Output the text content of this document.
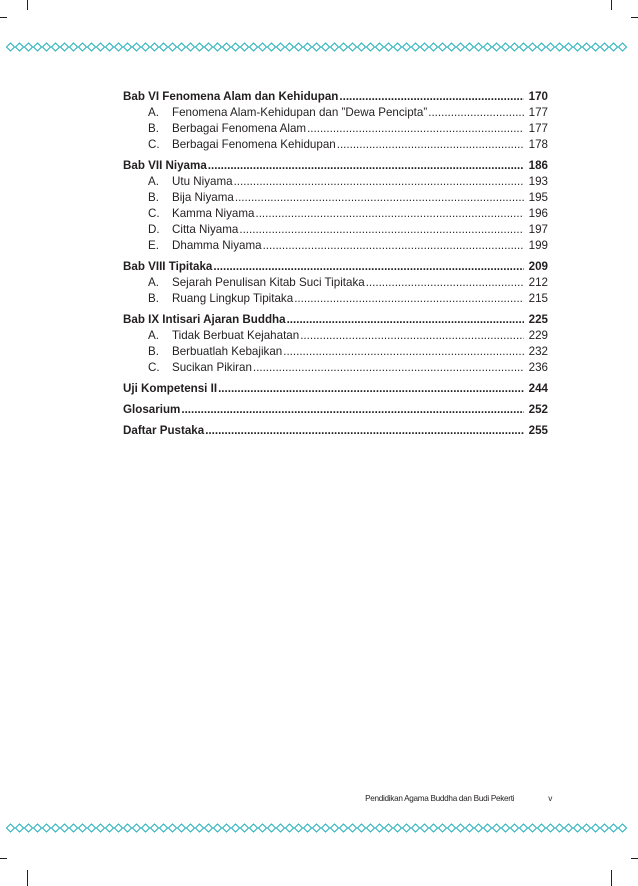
Bab VI Fenomena Alam dan Kehidupan .....	170
A. Fenomena Alam-Kehidupan dan ”Dewa Pencipta” .....	177
B. Berbagai Fenomena Alam .....	177
C. Berbagai Fenomena Kehidupan .....	178
Bab VII Niyama .....	186
A. Utu Niyama .....	193
B. Bija Niyama .....	195
C. Kamma Niyama .....	196
D. Citta Niyama .....	197
E. Dhamma Niyama .....	199
Bab VIII Tipitaka .....	209
A. Sejarah Penulisan Kitab Suci Tipitaka .....	212
B. Ruang Lingkup Tipitaka .....	215
Bab IX Intisari Ajaran Buddha .....	225
A. Tidak Berbuat Kejahatan .....	229
B. Berbuatlah Kebajikan .....	232
C. Sucikan Pikiran .....	236
Uji Kompetensi II .....	244
Glosarium .....	252
Daftar Pustaka .....	255
Pendidikan Agama Buddha dan Budi Pekerti	v
